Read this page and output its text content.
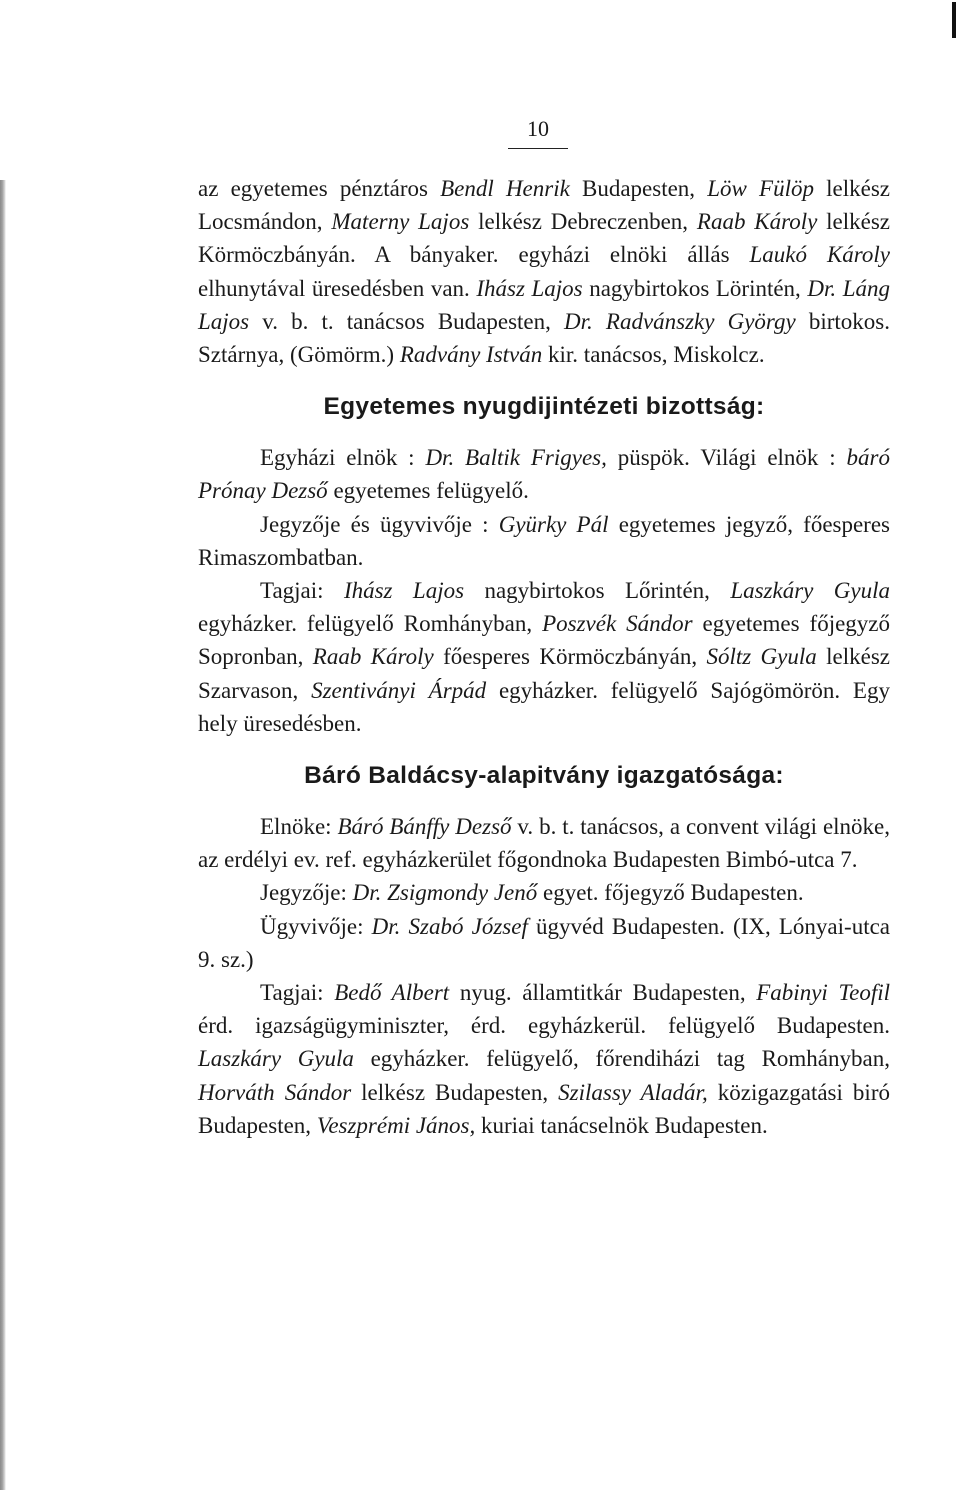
10

az egyetemes pénztáros Bendl Henrik Budapesten, Löw Fülöp lelkész Locsmándon, Materny Lajos lelkész Debreczenben, Raab Károly lelkész Körmöczbányán. A bányaker. egyházi elnöki állás Laukó Károly elhunytával üresedésben van. Ihász Lajos nagybirtokos Lörintén, Dr. Láng Lajos v. b. t. tanácsos Budapesten, Dr. Radvánszky György birtokos. Sztárnya, (Gömörm.) Radvány István kir. tanácsos, Miskolcz.

Egyetemes nyugdijintézeti bizottság:

Egyházi elnök : Dr. Baltik Frigyes, püspök. Világi elnök : báró Prónay Dezső egyetemes felügyelő.

Jegyzője és ügyvivője : Gyürky Pál egyetemes jegyző, főesperes Rimaszombatban.

Tagjai: Ihász Lajos nagybirtokos Lőrintén, Laszkáry Gyula egyházker. felügyelő Romhányban, Poszvék Sándor egyetemes főjegyző Sopronban, Raab Károly főesperes Körmöczbányán, Sóltz Gyula lelkész Szarvason, Szentiványi Árpád egyházker. felügyelő Sajógömörön. Egy hely üresedésben.

Báró Baldácsy-alapitvány igazgatósága:

Elnöke: Báró Bánffy Dezső v. b. t. tanácsos, a convent világi elnöke, az erdélyi ev. ref. egyházkerület főgondnoka Budapesten Bimbó-utca 7.

Jegyzője: Dr. Zsigmondy Jenő egyet. főjegyző Budapesten.

Ügyvivője: Dr. Szabó József ügyvéd Budapesten. (IX, Lónyai-utca 9. sz.)

Tagjai: Bedő Albert nyug. államtitkár Budapesten, Fabinyi Teofil érd. igazságügyminiszter, érd. egyházkerül. felügyelő Budapesten. Laszkáry Gyula egyházker. felügyelő, főrendiházi tag Romhányban, Horváth Sándor lelkész Budapesten, Szilassy Aladár, közigazgatási biró Budapesten, Veszprémi János, kuriai tanácselnök Budapesten.
